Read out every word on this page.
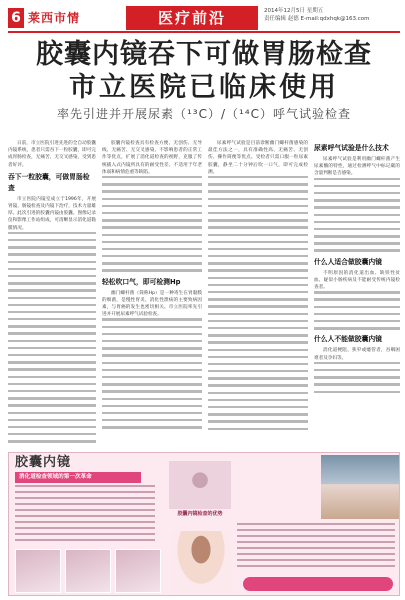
6 莱西市情	医疗前沿	2014年12月5日 星期五
责任编辑 赵德 E-mail:qdxhqk@163.com
胶囊内镜吞下可做胃肠检查
市立医院已临床使用
率先引进并开展尿素（¹³C）/（¹⁴C）呼气试验检查

日前，市立医院引进先进的全自动胶囊内镜系统，患者只需吞下一粒胶囊，即可完成胃肠检查，无痛苦、无交叉感染，受到患者好评。

吞下一粒胶囊，可做胃肠检查

市立医院内镜室成立于1996年，开展胃镜、肠镜检查及内镜下治疗，技术力量雄厚。此次引进的胶囊内镜由胶囊、图像记录仪和影像工作站组成，可清晰显示消化道黏膜情况。

胶囊内镜检查具有检查方便、无创伤、无导线、无痛苦、无交叉感染、不影响患者的正常工作等优点，扩展了消化道检查的视野，克服了传统插入式内镜所具有的耐受性差、不适用于年老体弱和病情危重等缺陷。

轻松吹口气，即可检测Hp

幽门螺杆菌（简称Hp）是一种寄生在胃黏膜的细菌，是慢性胃炎、消化性溃疡的主要致病因素，与胃癌的发生也密切相关。市立医院率先引进并开展尿素呼气试验检查。

尿素呼气试验是目前诊断幽门螺杆菌感染的最佳方法之一，具有准确性高、无痛苦、无创伤、操作简便等优点。受检者只需口服一粒尿素胶囊，静坐二十分钟后吹一口气，即可完成检测。

尿素呼气试验是什么技术

尿素呼气试验是利用幽门螺杆菌产生尿素酶的特性，通过检测呼气中标记碳的含量判断是否感染。

什么人适合做胶囊内镜

不明原因的消化道出血、缺铁性贫血、疑似小肠疾病及不能耐受传统内镜检查者。

什么人不能做胶囊内镜

消化道梗阻、狭窄或瘘管者，吞咽困难者及孕妇等。

胶囊内镜
消化道检查领域的第一次革命
胶囊内镜检查的优势
